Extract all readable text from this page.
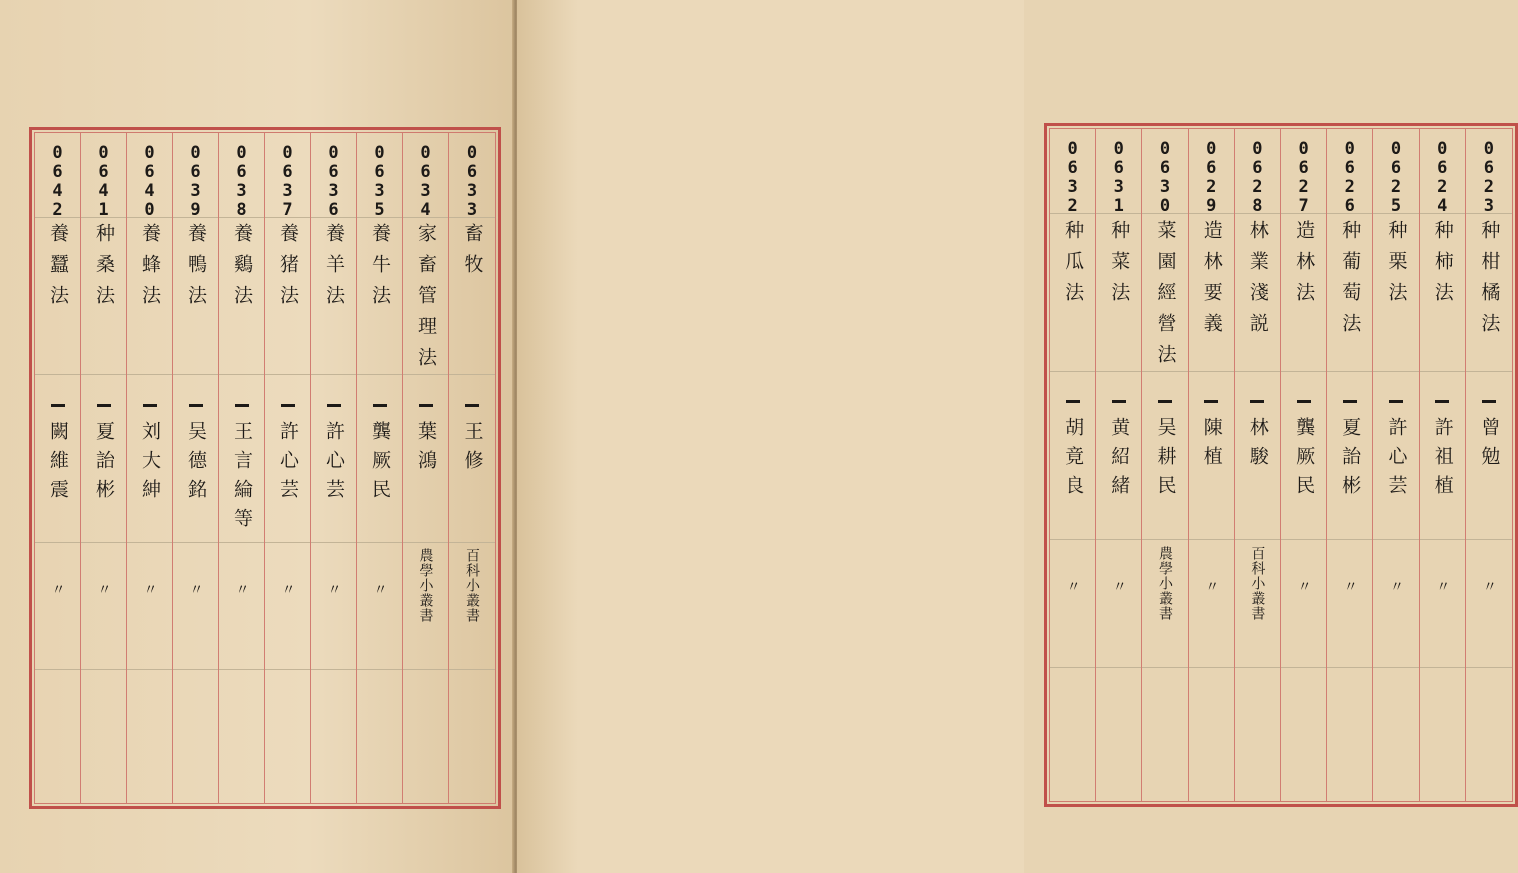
0642
養蠶法
闕維震
〃
0641
种桑法
夏詒彬
〃
0640
養蜂法
刘大紳
〃
0639
養鴨法
吴德銘
〃
0638
養鷄法
王言綸等
〃
0637
養猪法
許心芸
〃
0636
養羊法
許心芸
〃
0635
養牛法
龔厥民
〃
0634
家畜管理法
葉鴻
農學小叢書
0633
畜牧
王修
百科小叢書
0632
种瓜法
胡竟良
〃
0631
种菜法
黄紹緒
〃
0630
菜園經營法
吴耕民
農學小叢書
0629
造林要義
陳植
〃
0628
林業淺説
林駿
百科小叢書
0627
造林法
龔厥民
〃
0626
种葡萄法
夏詒彬
〃
0625
种栗法
許心芸
〃
0624
种柿法
許祖植
〃
0623
种柑橘法
曾勉
〃
